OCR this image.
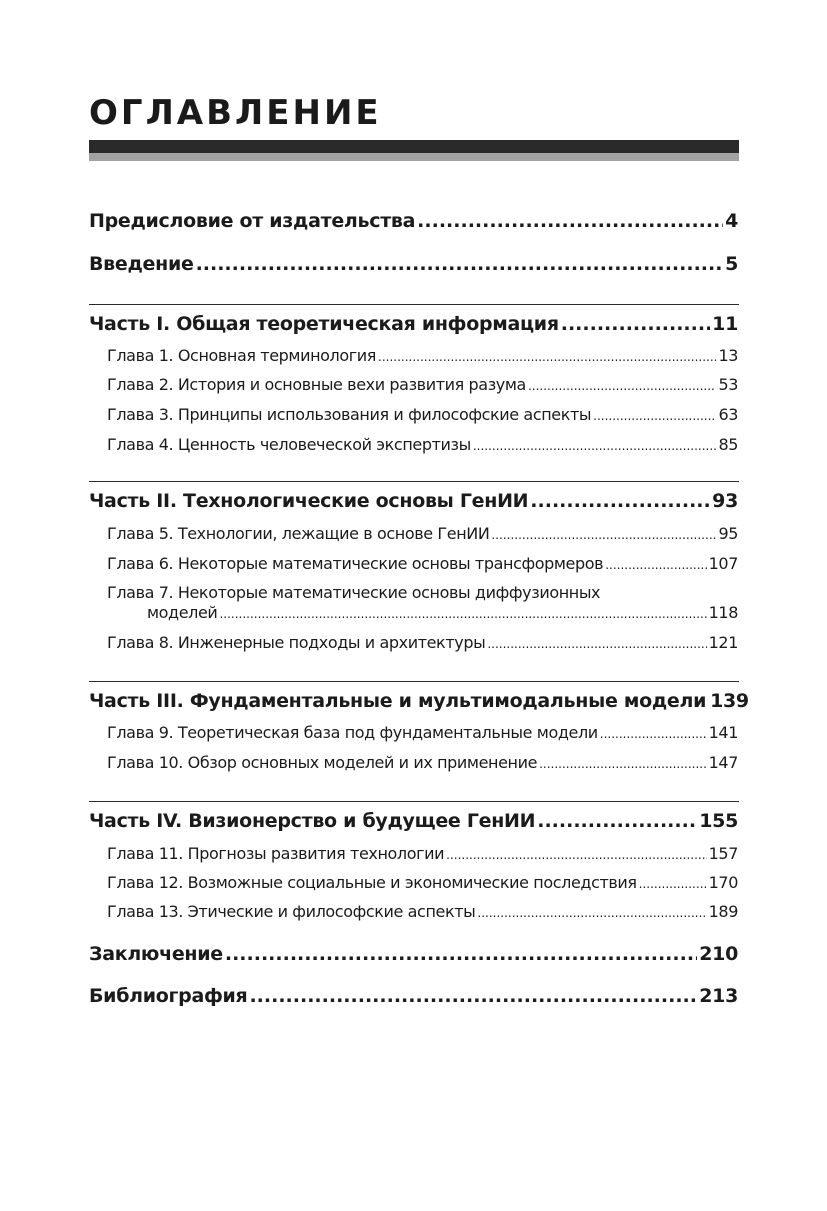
ОГЛАВЛЕНИЕ
Предисловие от издательства .....	4
Введение .....	5
Часть I. Общая теоретическая информация .....	11
Глава 1. Основная терминология .....	13
Глава 2. История и основные вехи развития разума .....	53
Глава 3. Принципы использования и философские аспекты .....	63
Глава 4. Ценность человеческой экспертизы .....	85
Часть II. Технологические основы ГенИИ .....	93
Глава 5. Технологии, лежащие в основе ГенИИ .....	95
Глава 6. Некоторые математические основы трансформеров .....	107
Глава 7. Некоторые математические основы диффузионных
моделей .....	118
Глава 8. Инженерные подходы и архитектуры .....	121
Часть III. Фундаментальные и мультимодальные модели 139
Глава 9. Теоретическая база под фундаментальные модели .....	141
Глава 10. Обзор основных моделей и их применение .....	147
Часть IV. Визионерство и будущее ГенИИ .....	155
Глава 11. Прогнозы развития технологии .....	157
Глава 12. Возможные социальные и экономические последствия .....	170
Глава 13. Этические и философские аспекты .....	189
Заключение .....	210
Библиография .....	213
